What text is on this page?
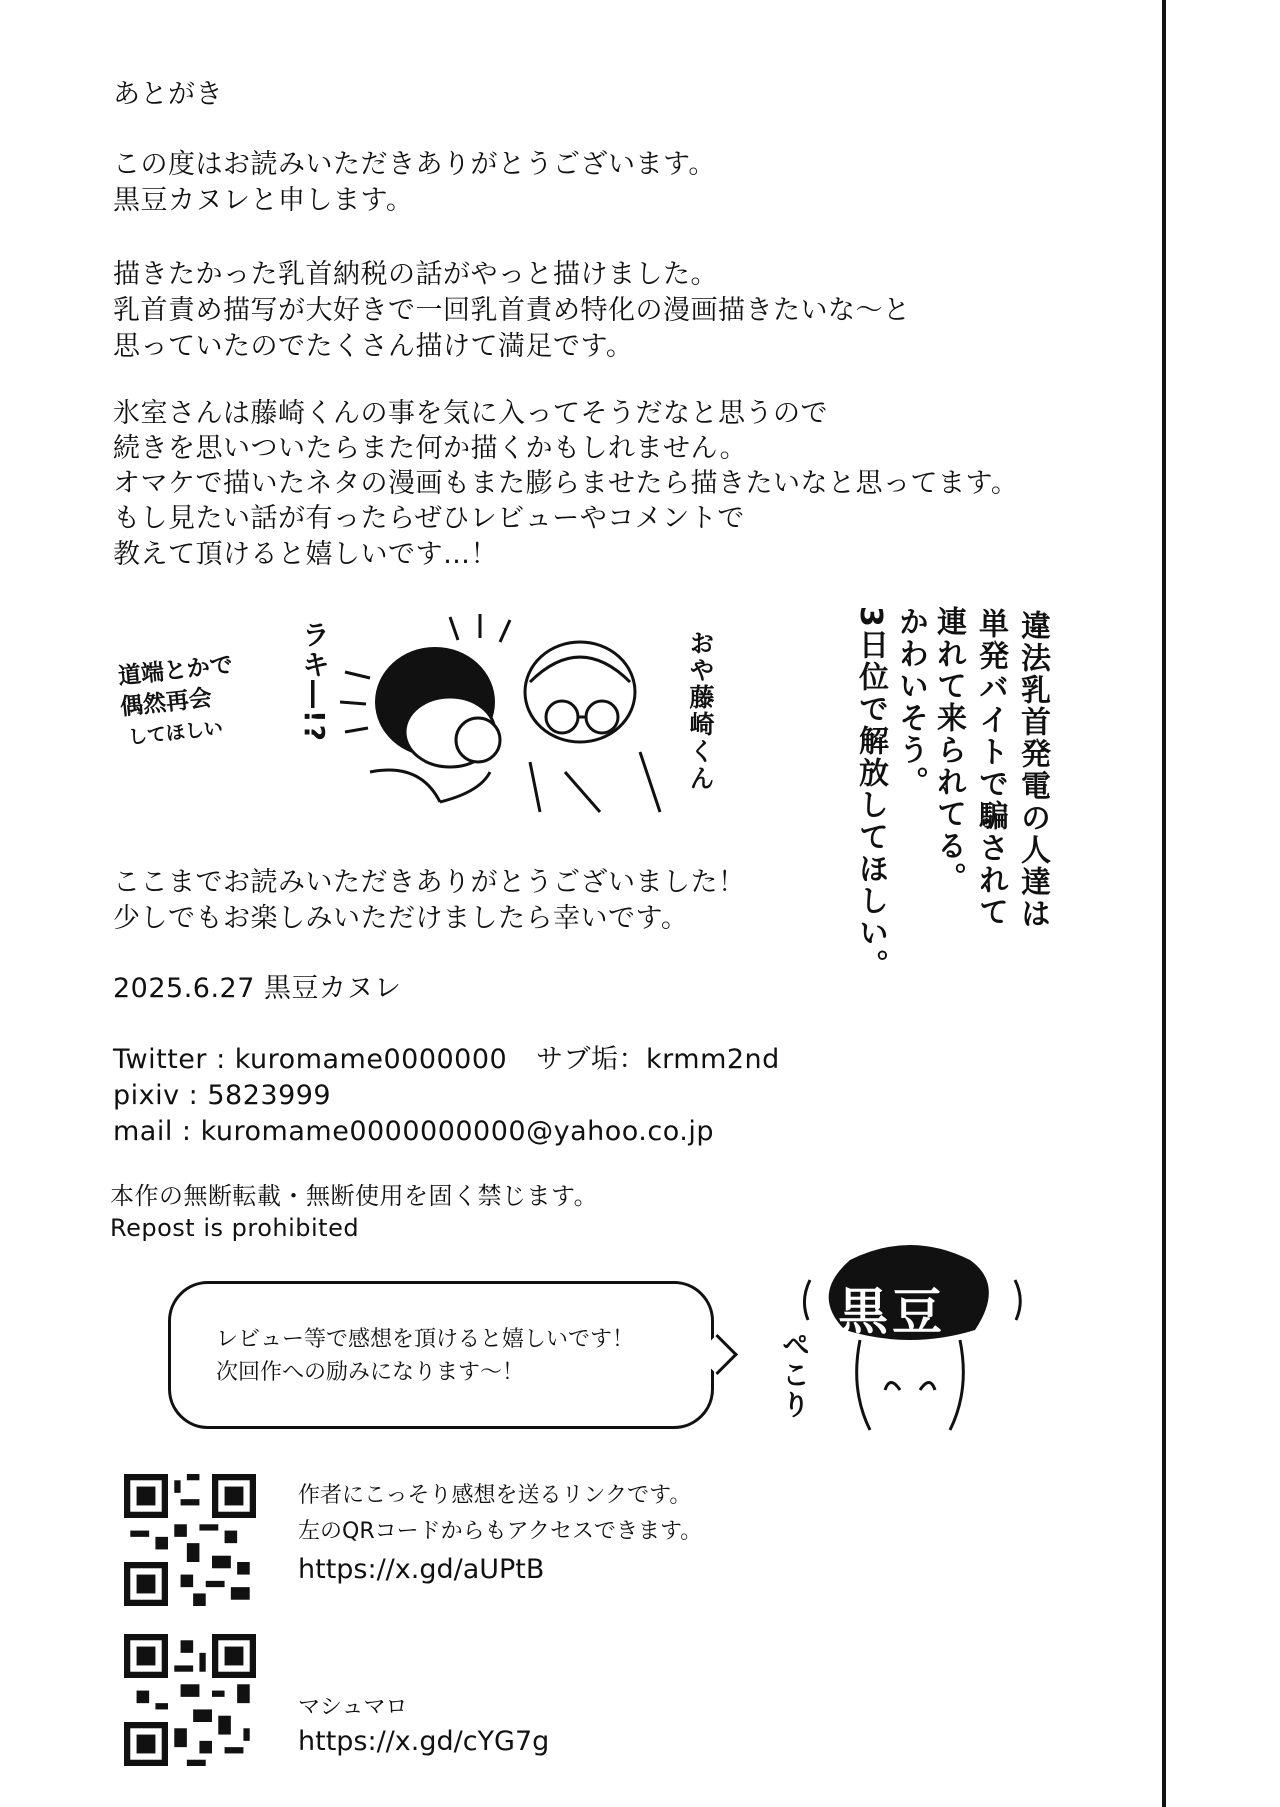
あとがき
この度はお読みいただきありがとうございます。
黒豆カヌレと申します。
描きたかった乳首納税の話がやっと描けました。
乳首責め描写が大好きで一回乳首責め特化の漫画描きたいな〜と
思っていたのでたくさん描けて満足です。
氷室さんは藤崎くんの事を気に入ってそうだなと思うので
続きを思いついたらまた何か描くかもしれません。
オマケで描いたネタの漫画もまた膨らませたら描きたいなと思ってます。
もし見たい話が有ったらぜひレビューやコメントで
教えて頂けると嬉しいです…！
道端とかで
偶然再会
してほしい	ラキ―!?	おや藤崎くん	違法乳首発電の人達は
単発バイトで騙されて
連れて来られてる。
かわいそう。
3日位で解放してほしい。
ここまでお読みいただきありがとうございました！
少しでもお楽しみいただけましたら幸いです。
2025.6.27 黒豆カヌレ
Twitter : kuromame0000000 サブ垢：krmm2nd
pixiv : 5823999
mail : kuromame0000000000@yahoo.co.jp
本作の無断転載・無断使用を固く禁じます。
Repost is prohibited
レビュー等で感想を頂けると嬉しいです！
次回作への励みになります〜！
黒豆
ぺこり
作者にこっそり感想を送るリンクです。
左のQRコードからもアクセスできます。
https://x.gd/aUPtB
マシュマロ
https://x.gd/cYG7g
